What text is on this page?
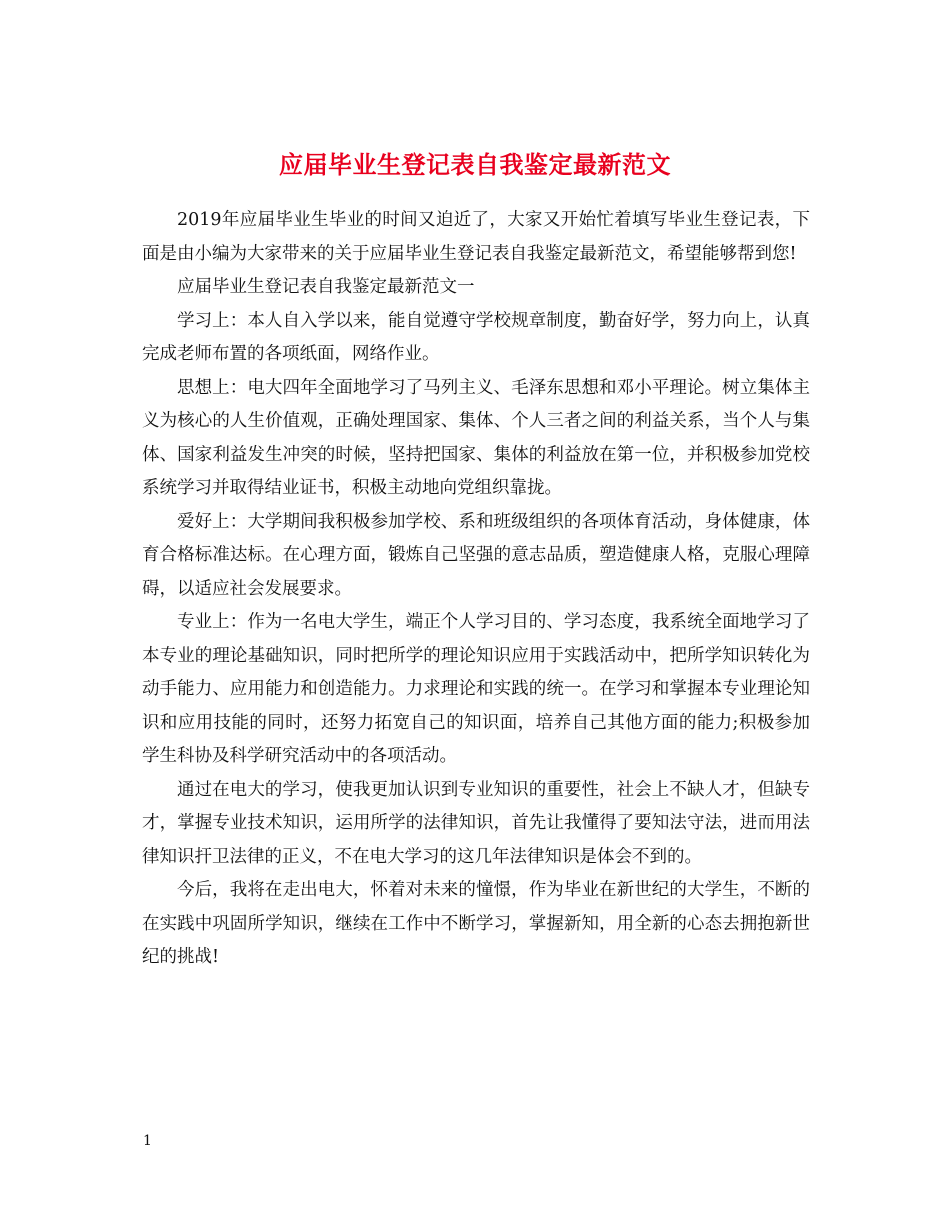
应届毕业生登记表自我鉴定最新范文

2019年应届毕业生毕业的时间又迫近了，大家又开始忙着填写毕业生登记表，下面是由小编为大家带来的关于应届毕业生登记表自我鉴定最新范文，希望能够帮到您!

应届毕业生登记表自我鉴定最新范文一

学习上：本人自入学以来，能自觉遵守学校规章制度，勤奋好学，努力向上，认真完成老师布置的各项纸面，网络作业。

思想上：电大四年全面地学习了马列主义、毛泽东思想和邓小平理论。树立集体主义为核心的人生价值观，正确处理国家、集体、个人三者之间的利益关系，当个人与集体、国家利益发生冲突的时候，坚持把国家、集体的利益放在第一位，并积极参加党校系统学习并取得结业证书，积极主动地向党组织靠拢。

爱好上：大学期间我积极参加学校、系和班级组织的各项体育活动，身体健康，体育合格标准达标。在心理方面，锻炼自己坚强的意志品质，塑造健康人格，克服心理障碍，以适应社会发展要求。

专业上：作为一名电大学生，端正个人学习目的、学习态度，我系统全面地学习了本专业的理论基础知识，同时把所学的理论知识应用于实践活动中，把所学知识转化为动手能力、应用能力和创造能力。力求理论和实践的统一。在学习和掌握本专业理论知识和应用技能的同时，还努力拓宽自己的知识面，培养自己其他方面的能力;积极参加学生科协及科学研究活动中的各项活动。

通过在电大的学习，使我更加认识到专业知识的重要性，社会上不缺人才，但缺专才，掌握专业技术知识，运用所学的法律知识，首先让我懂得了要知法守法，进而用法律知识扞卫法律的正义，不在电大学习的这几年法律知识是体会不到的。

今后，我将在走出电大，怀着对未来的憧憬，作为毕业在新世纪的大学生，不断的在实践中巩固所学知识，继续在工作中不断学习，掌握新知，用全新的心态去拥抱新世纪的挑战!

1
